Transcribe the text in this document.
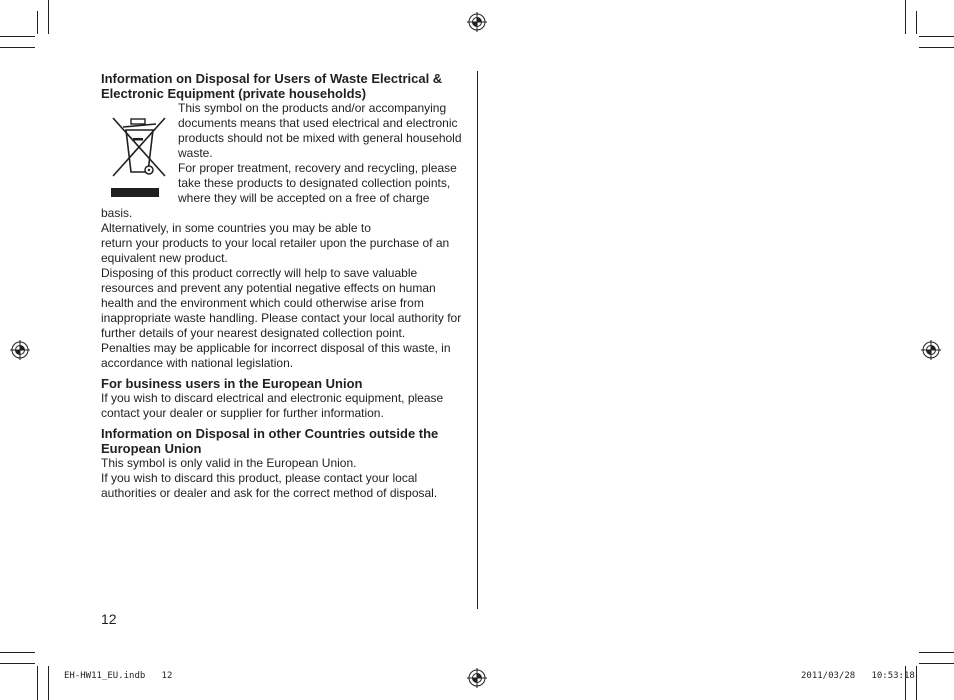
Information on Disposal for Users of Waste Electrical & Electronic Equipment (private households)

This symbol on the products and/or accompanying

documents means that used electrical and electronic

products should not be mixed with general household

waste.

For proper treatment, recovery and recycling, please

take these products to designated collection points,

where they will be accepted on a free of charge basis.

Alternatively, in some countries you may be able to

return your products to your local retailer upon the purchase of an equivalent new product.

Disposing of this product correctly will help to save valuable resources and prevent any potential negative effects on human health and the environment which could otherwise arise from inappropriate waste handling. Please contact your local authority for further details of your nearest designated collection point.

Penalties may be applicable for incorrect disposal of this waste, in accordance with national legislation.

For business users in the European Union

If you wish to discard electrical and electronic equipment, please contact your dealer or supplier for further information.

Information on Disposal in other Countries outside the European Union

This symbol is only valid in the European Union.

If you wish to discard this product, please contact your local authorities or dealer and ask for the correct method of disposal.

12
EH-HW11_EU.indb   12	2011/03/28   10:53:18
